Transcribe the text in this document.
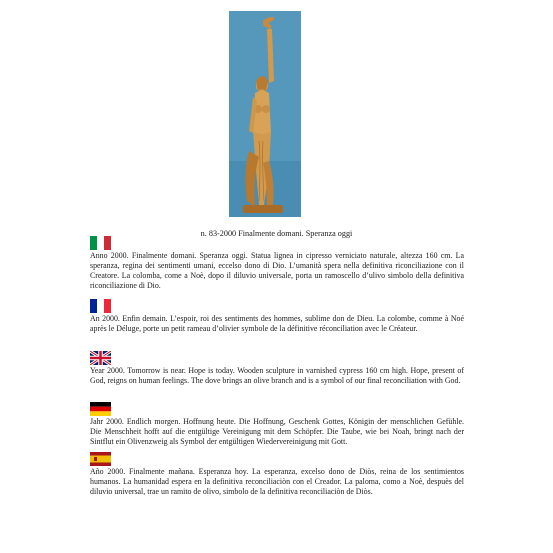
n. 83-2000 Finalmente domani. Speranza oggi

Anno 2000. Finalmente domani. Speranza oggi. Statua lignea in cipresso verniciato naturale, altezza 160 cm. La speranza, regina dei sentimenti umani, eccelso dono di Dio. L’umanità spera nella definitiva riconciliazione con il Creatore. La colomba, come a Noè, dopo il diluvio universale, porta un ramoscello d’ulivo simbolo della definitiva riconciliazione di Dio.

An 2000. Enfin demain. L’espoir, roi des sentiments des hommes, sublime don de Dieu. La colombe, comme à Noé après le Déluge, porte un petit rameau d’olivier symbole de la définitive réconciliation avec le Créateur.

Year 2000. Tomorrow is near. Hope is today. Wooden sculpture in varnished cypress 160 cm high. Hope, present of God, reigns on human feelings. The dove brings an olive branch and is a symbol of our final reconciliation with God.

Jahr 2000. Endlich morgen. Hoffnung heute. Die Hoffnung, Geschenk Gottes, Königin der menschlichen Gefühle. Die Menschheit hofft auf die entgültige Vereinigung mit dem Schöpfer. Die Taube, wie bei Noah, bringt nach der Sintflut ein Olivenzweig als Symbol der entgültigen Wiedervereinigung mit Gott.

Año 2000. Finalmente mañana. Esperanza hoy. La esperanza, excelso dono de Diòs, reina de los sentimientos humanos. La humanidad espera en la definitiva reconciliaciòn con el Creador. La paloma, como a Noè, despuès del diluvio universal, trae un ramito de olivo, simbolo de la definitiva reconciliaciòn de Diòs.
